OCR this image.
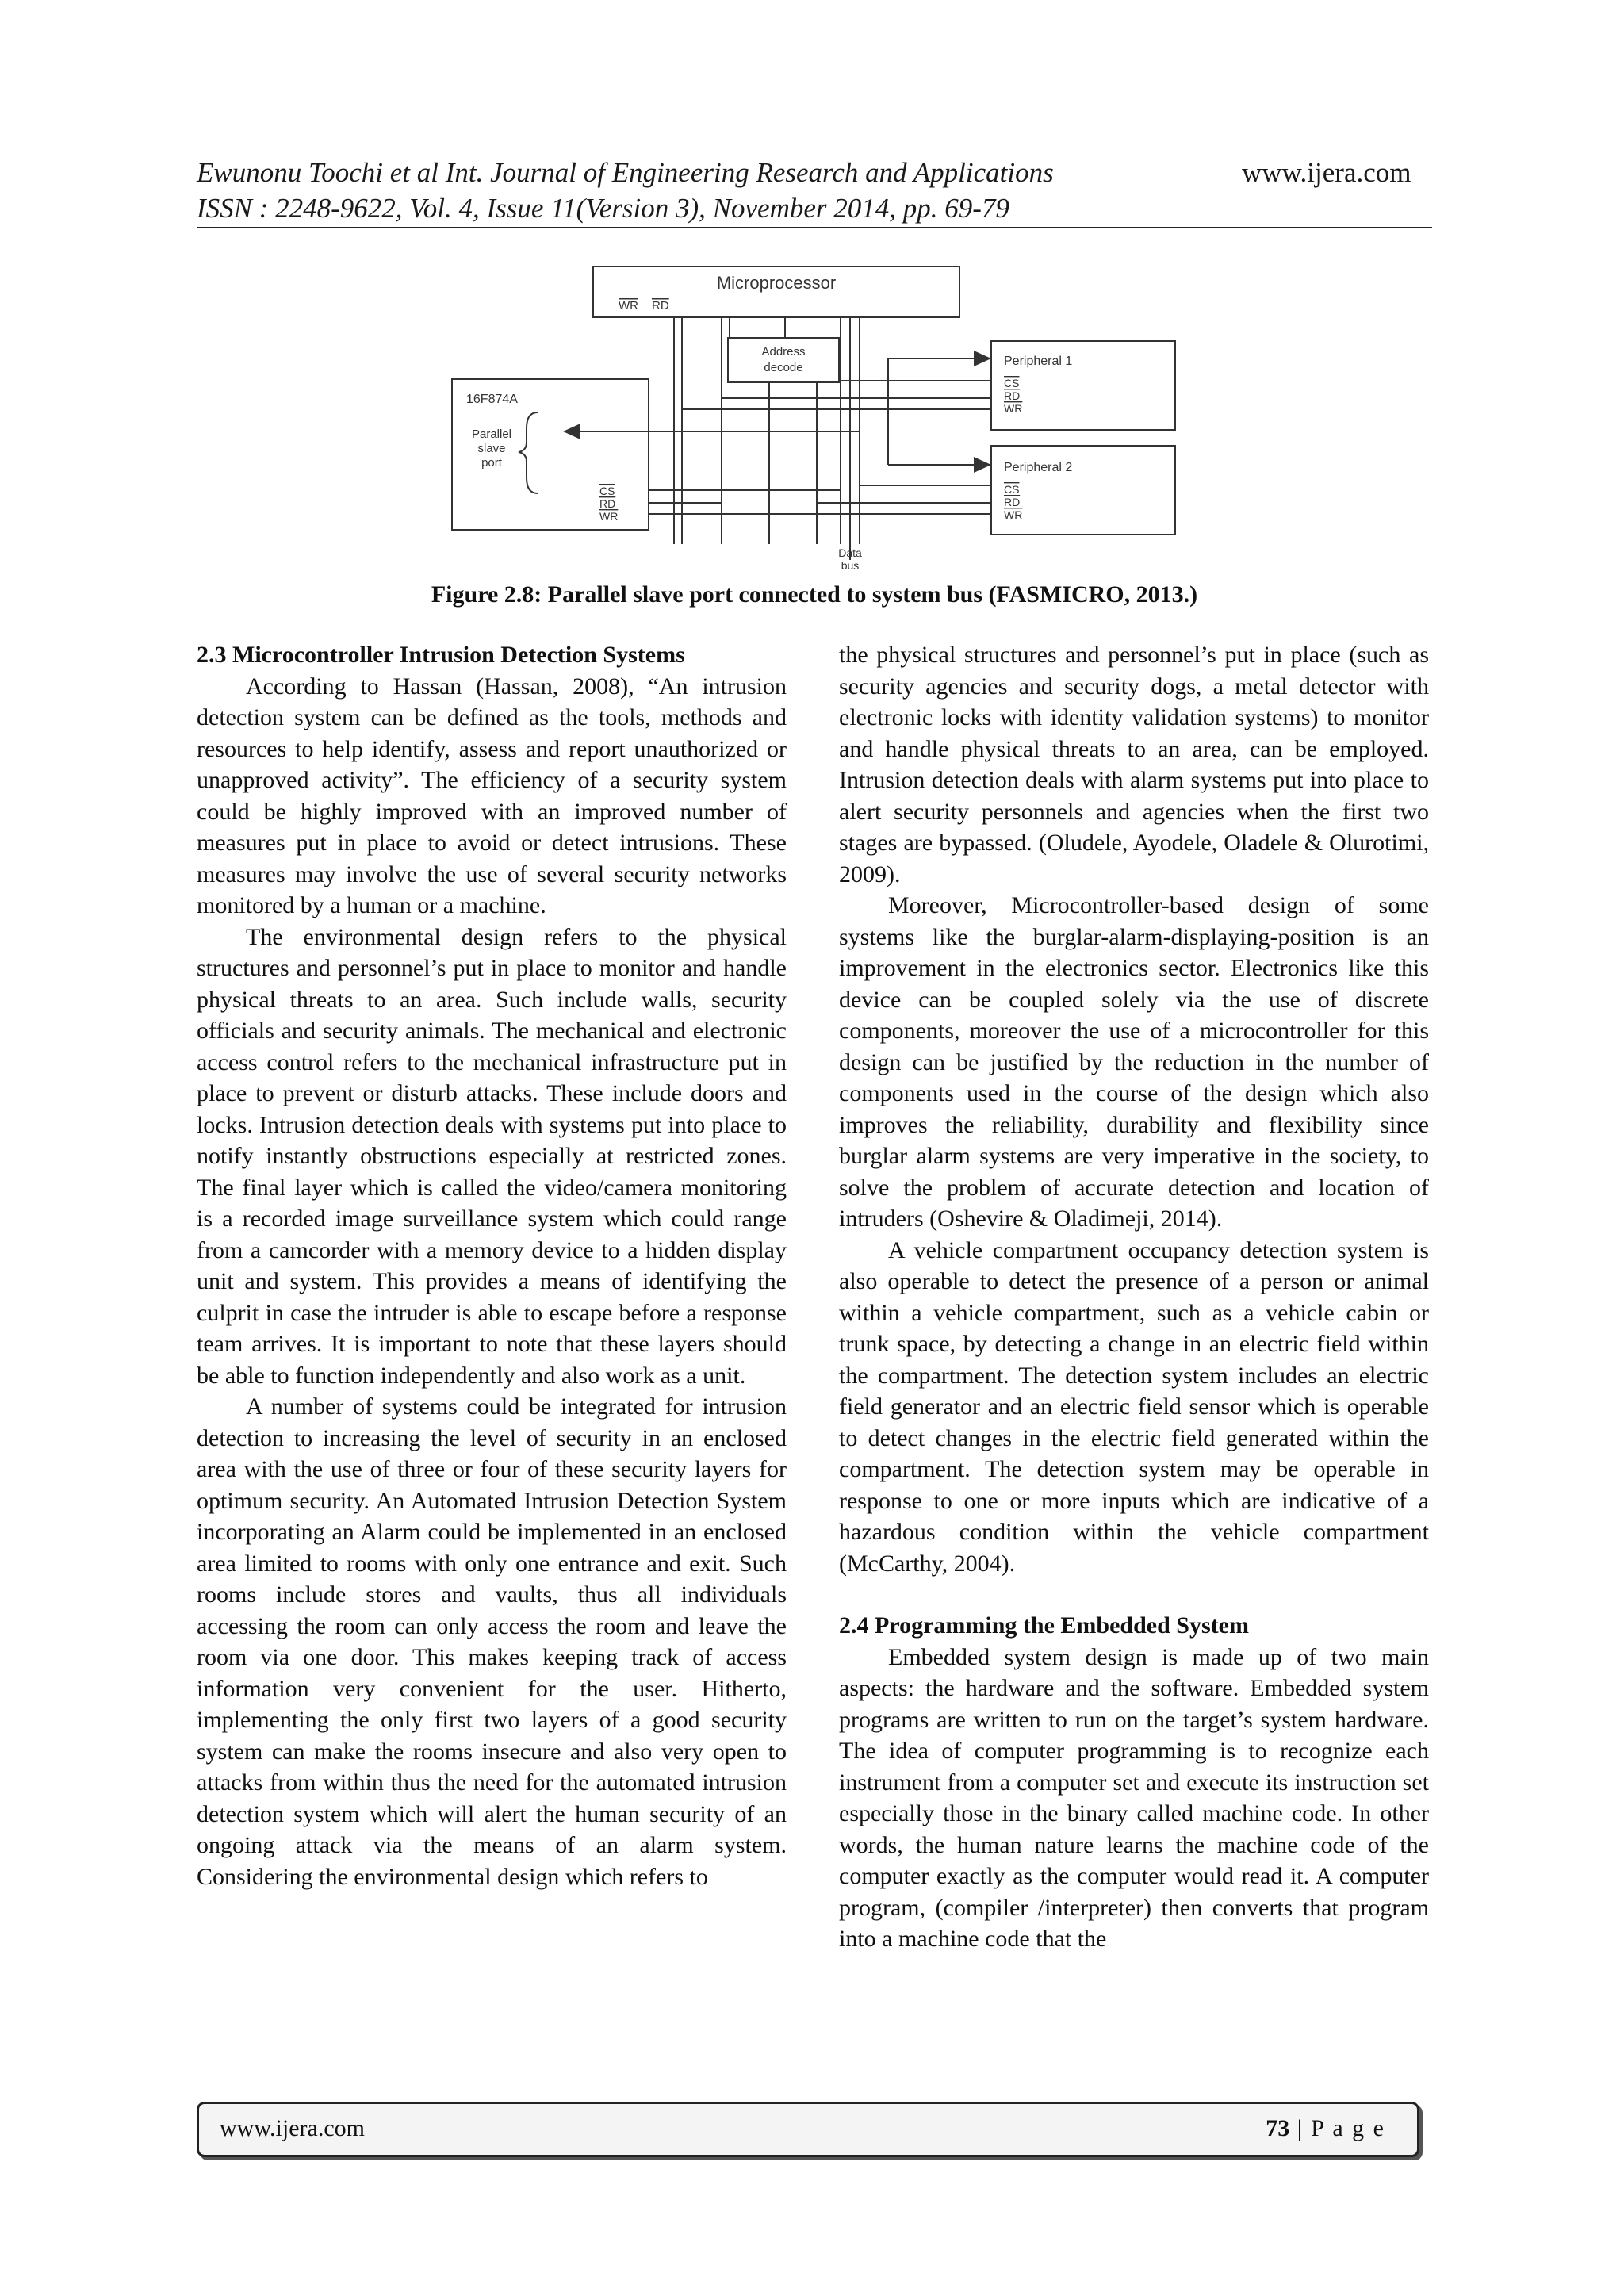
Ewunonu Toochi et al Int. Journal of Engineering Research and Applications
ISSN : 2248-9622, Vol. 4, Issue 11(Version 3), November 2014, pp. 69-79
www.ijera.com
Microprocessor
WR RD
Address
decode
16F874A
Parallel
slave
port
CS
RD
WR
Peripheral 1
CS
RD
WR
Peripheral 2
CS
RD
WR
Data
bus
Figure 2.8: Parallel slave port connected to system bus (FASMICRO, 2013.)
2.3 Microcontroller Intrusion Detection Systems

According to Hassan (Hassan, 2008), “An intrusion detection system can be defined as the tools, methods and resources to help identify, assess and report unauthorized or unapproved activity”. The efficiency of a security system could be highly improved with an improved number of measures put in place to avoid or detect intrusions. These measures may involve the use of several security networks monitored by a human or a machine.

The environmental design refers to the physical structures and personnel’s put in place to monitor and handle physical threats to an area. Such include walls, security officials and security animals. The mechanical and electronic access control refers to the mechanical infrastructure put in place to prevent or disturb attacks. These include doors and locks. Intrusion detection deals with systems put into place to notify instantly obstructions especially at restricted zones. The final layer which is called the video/camera monitoring is a recorded image surveillance system which could range from a camcorder with a memory device to a hidden display unit and system. This provides a means of identifying the culprit in case the intruder is able to escape before a response team arrives. It is important to note that these layers should be able to function independently and also work as a unit.

A number of systems could be integrated for intrusion detection to increasing the level of security in an enclosed area with the use of three or four of these security layers for optimum security. An Automated Intrusion Detection System incorporating an Alarm could be implemented in an enclosed area limited to rooms with only one entrance and exit. Such rooms include stores and vaults, thus all individuals accessing the room can only access the room and leave the room via one door. This makes keeping track of access information very convenient for the user. Hitherto, implementing the only first two layers of a good security system can make the rooms insecure and also very open to attacks from within thus the need for the automated intrusion detection system which will alert the human security of an ongoing attack via the means of an alarm system. Considering the environmental design which refers to

the physical structures and personnel’s put in place (such as security agencies and security dogs, a metal detector with electronic locks with identity validation systems) to monitor and handle physical threats to an area, can be employed. Intrusion detection deals with alarm systems put into place to alert security personnels and agencies when the first two stages are bypassed. (Oludele, Ayodele, Oladele & Olurotimi, 2009).

Moreover, Microcontroller-based design of some systems like the burglar-alarm-displaying-position is an improvement in the electronics sector. Electronics like this device can be coupled solely via the use of discrete components, moreover the use of a microcontroller for this design can be justified by the reduction in the number of components used in the course of the design which also improves the reliability, durability and flexibility since burglar alarm systems are very imperative in the society, to solve the problem of accurate detection and location of intruders (Oshevire & Oladimeji, 2014).

A vehicle compartment occupancy detection system is also operable to detect the presence of a person or animal within a vehicle compartment, such as a vehicle cabin or trunk space, by detecting a change in an electric field within the compartment. The detection system includes an electric field generator and an electric field sensor which is operable to detect changes in the electric field generated within the compartment. The detection system may be operable in response to one or more inputs which are indicative of a hazardous condition within the vehicle compartment (McCarthy, 2004).

2.4 Programming the Embedded System

Embedded system design is made up of two main aspects: the hardware and the software. Embedded system programs are written to run on the target’s system hardware. The idea of computer programming is to recognize each instrument from a computer set and execute its instruction set especially those in the binary called machine code. In other words, the human nature learns the machine code of the computer exactly as the computer would read it. A computer program, (compiler /interpreter) then converts that program into a machine code that the

www.ijera.com	73 | P a g e
